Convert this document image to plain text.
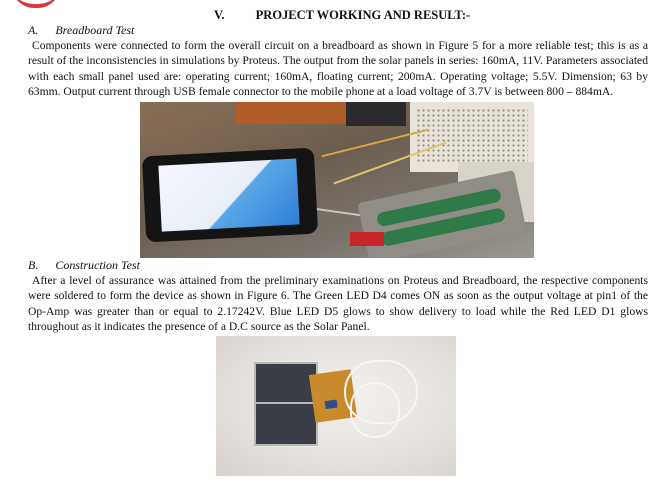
V. PROJECT WORKING AND RESULT:-
A. Breadboard Test
Components were connected to form the overall circuit on a breadboard as shown in Figure 5 for a more reliable test; this is as a result of the inconsistencies in simulations by Proteus. The output from the solar panels in series: 160mA, 11V. Parameters associated with each small panel used are: operating current; 160mA, floating current; 200mA. Operating voltage; 5.5V. Dimension; 63 by 63mm. Output current through USB female connector to the mobile phone at a load voltage of 3.7V is between 800 – 884mA.
B. Construction Test
After a level of assurance was attained from the preliminary examinations on Proteus and Breadboard, the respective components were soldered to form the device as shown in Figure 6. The Green LED D4 comes ON as soon as the output voltage at pin1 of the Op-Amp was greater than or equal to 2.17242V. Blue LED D5 glows to show delivery to load while the Red LED D1 glows throughout as it indicates the presence of a D.C source as the Solar Panel.
